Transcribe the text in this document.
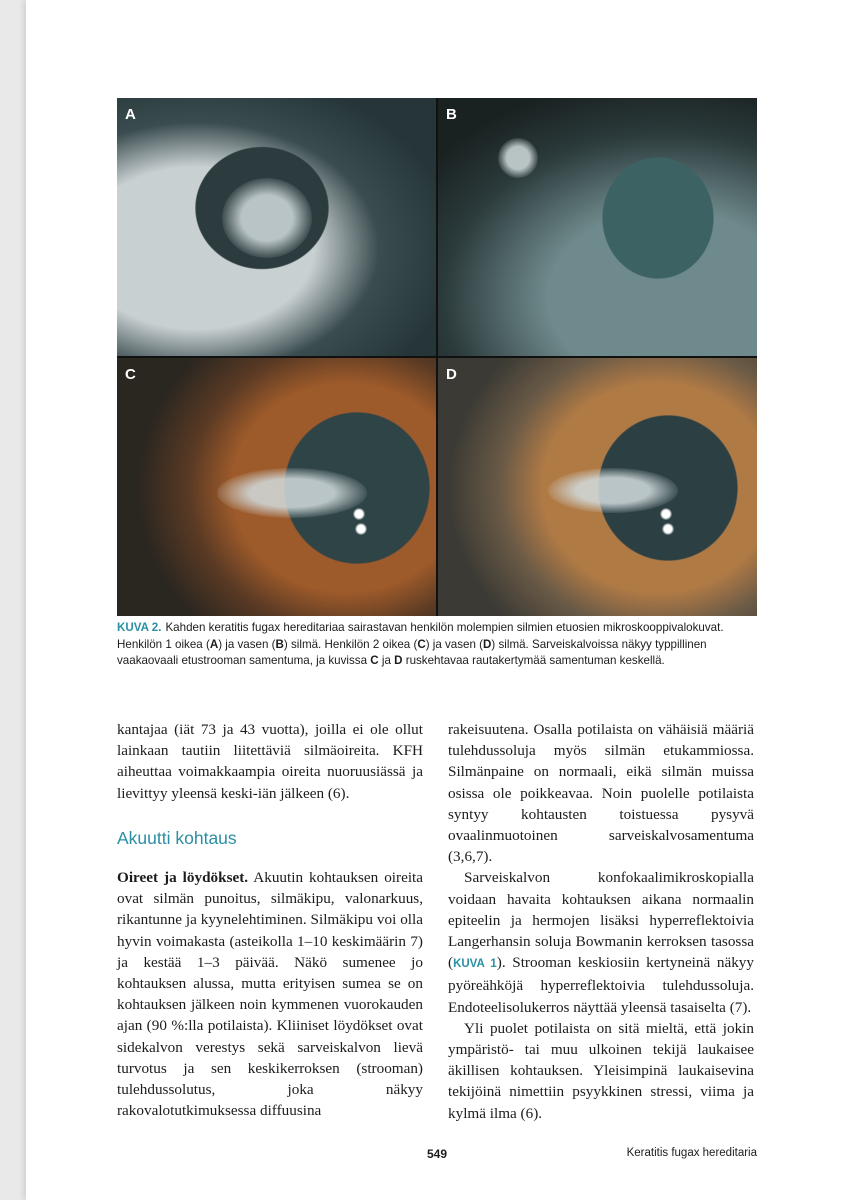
A	B
C	D

KUVA 2. Kahden keratitis fugax hereditariaa sairastavan henkilön molempien silmien etuosien mikroskooppivalokuvat. Henkilön 1 oikea (A) ja vasen (B) silmä. Henkilön 2 oikea (C) ja vasen (D) silmä. Sarveiskalvoissa näkyy typpillinen vaakaovaali etustrooman samentuma, ja kuvissa C ja D ruskehtavaa rautakertymää samentuman keskellä.

kantajaa (iät 73 ja 43 vuotta), joilla ei ole ollut lainkaan tautiin liitettäviä silmäoireita. KFH aiheuttaa voimakkaampia oireita nuoruusiässä ja lievittyy yleensä keski-iän jälkeen (6).

Akuutti kohtaus

Oireet ja löydökset. Akuutin kohtauksen oireita ovat silmän punoitus, silmäkipu, valonarkuus, rikantunne ja kyynelehtiminen. Silmäkipu voi olla hyvin voimakasta (asteikolla 1–10 keskimäärin 7) ja kestää 1–3 päivää. Näkö sumenee jo kohtauksen alussa, mutta erityisen sumea se on kohtauksen jälkeen noin kymmenen vuorokauden ajan (90 %:lla potilaista). Kliiniset löydökset ovat sidekalvon verestys sekä sarveiskalvon lievä turvotus ja sen keskikerroksen (strooman) tulehdussolutus, joka näkyy rakovalotutkimuksessa diffuusina

rakeisuutena. Osalla potilaista on vähäisiä määriä tulehdussoluja myös silmän etukammiossa. Silmänpaine on normaali, eikä silmän muissa osissa ole poikkeavaa. Noin puolelle potilaista syntyy kohtausten toistuessa pysyvä ovaalinmuotoinen sarveiskalvosamentuma (3,6,7).

Sarveiskalvon konfokaalimikroskopialla voidaan havaita kohtauksen aikana normaalin epiteelin ja hermojen lisäksi hyperreflektoivia Langerhansin soluja Bowmanin kerroksen tasossa (KUVA 1). Strooman keskiosiin kertyneinä näkyy pyöreähköjä hyperreflektoivia tulehdussoluja. Endoteelisolukerros näyttää yleensä tasaiselta (7).

Yli puolet potilaista on sitä mieltä, että jokin ympäristö- tai muu ulkoinen tekijä laukaisee äkillisen kohtauksen. Yleisimpinä laukaisevina tekijöinä nimettiin psyykkinen stressi, viima ja kylmä ilma (6).

549	Keratitis fugax hereditaria
